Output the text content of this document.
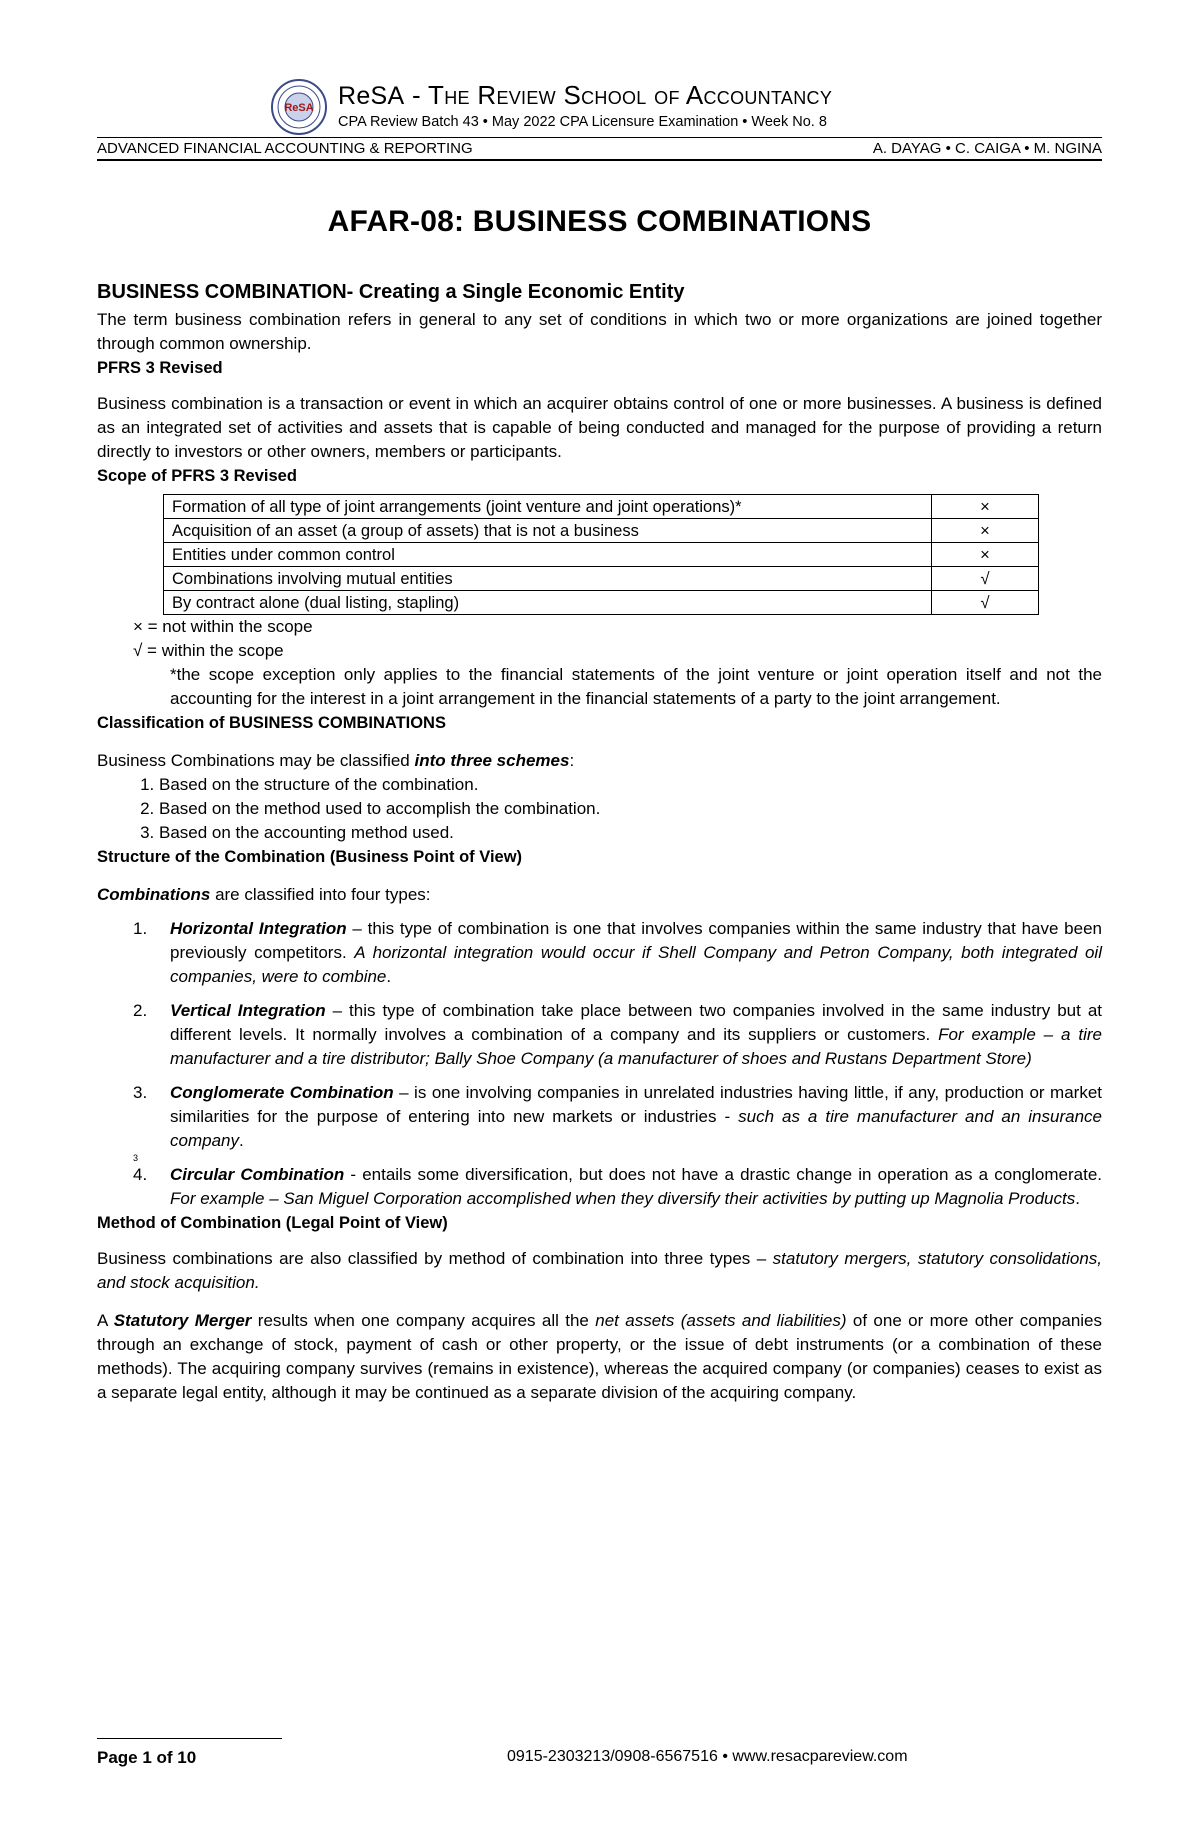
ReSA ReSA - The Review School of Accountancy
CPA Review Batch 43 • May 2022 CPA Licensure Examination • Week No. 8
ADVANCED FINANCIAL ACCOUNTING & REPORTING	A. DAYAG • C. CAIGA • M. NGINA
AFAR-08: BUSINESS COMBINATIONS
BUSINESS COMBINATION- Creating a Single Economic Entity

The term business combination refers in general to any set of conditions in which two or more organizations are joined together through common ownership.

PFRS 3 Revised

Business combination is a transaction or event in which an acquirer obtains control of one or more businesses. A business is defined as an integrated set of activities and assets that is capable of being conducted and managed for the purpose of providing a return directly to investors or other owners, members or participants.

Scope of PFRS 3 Revised
Formation of all type of joint arrangements (joint venture and joint operations)*	×
Acquisition of an asset (a group of assets) that is not a business	×
Entities under common control	×
Combinations involving mutual entities	√
By contract alone (dual listing, stapling)	√
× = not within the scope
√ = within the scope

*the scope exception only applies to the financial statements of the joint venture or joint operation itself and not the accounting for the interest in a joint arrangement in the financial statements of a party to the joint arrangement.

Classification of BUSINESS COMBINATIONS

Business Combinations may be classified into three schemes:

1. Based on the structure of the combination.
2. Based on the method used to accomplish the combination.
3. Based on the accounting method used.
Structure of the Combination (Business Point of View)

Combinations are classified into four types:

1. Horizontal Integration – this type of combination is one that involves companies within the same industry that have been previously competitors. A horizontal integration would occur if Shell Company and Petron Company, both integrated oil companies, were to combine.
2. Vertical Integration – this type of combination take place between two companies involved in the same industry but at different levels. It normally involves a combination of a company and its suppliers or customers. For example – a tire manufacturer and a tire distributor; Bally Shoe Company (a manufacturer of shoes and Rustans Department Store)
3. Conglomerate Combination – is one involving companies in unrelated industries having little, if any, production or market similarities for the purpose of entering into new markets or industries - such as a tire manufacturer and an insurance company.
3
4. Circular Combination - entails some diversification, but does not have a drastic change in operation as a conglomerate. For example – San Miguel Corporation accomplished when they diversify their activities by putting up Magnolia Products.
Method of Combination (Legal Point of View)

Business combinations are also classified by method of combination into three types – statutory mergers, statutory consolidations, and stock acquisition.

A Statutory Merger results when one company acquires all the net assets (assets and liabilities) of one or more other companies through an exchange of stock, payment of cash or other property, or the issue of debt instruments (or a combination of these methods). The acquiring company survives (remains in existence), whereas the acquired company (or companies) ceases to exist as a separate legal entity, although it may be continued as a separate division of the acquiring company.

Page 1 of 10	0915-2303213/0908-6567516 • www.resacpareview.com
